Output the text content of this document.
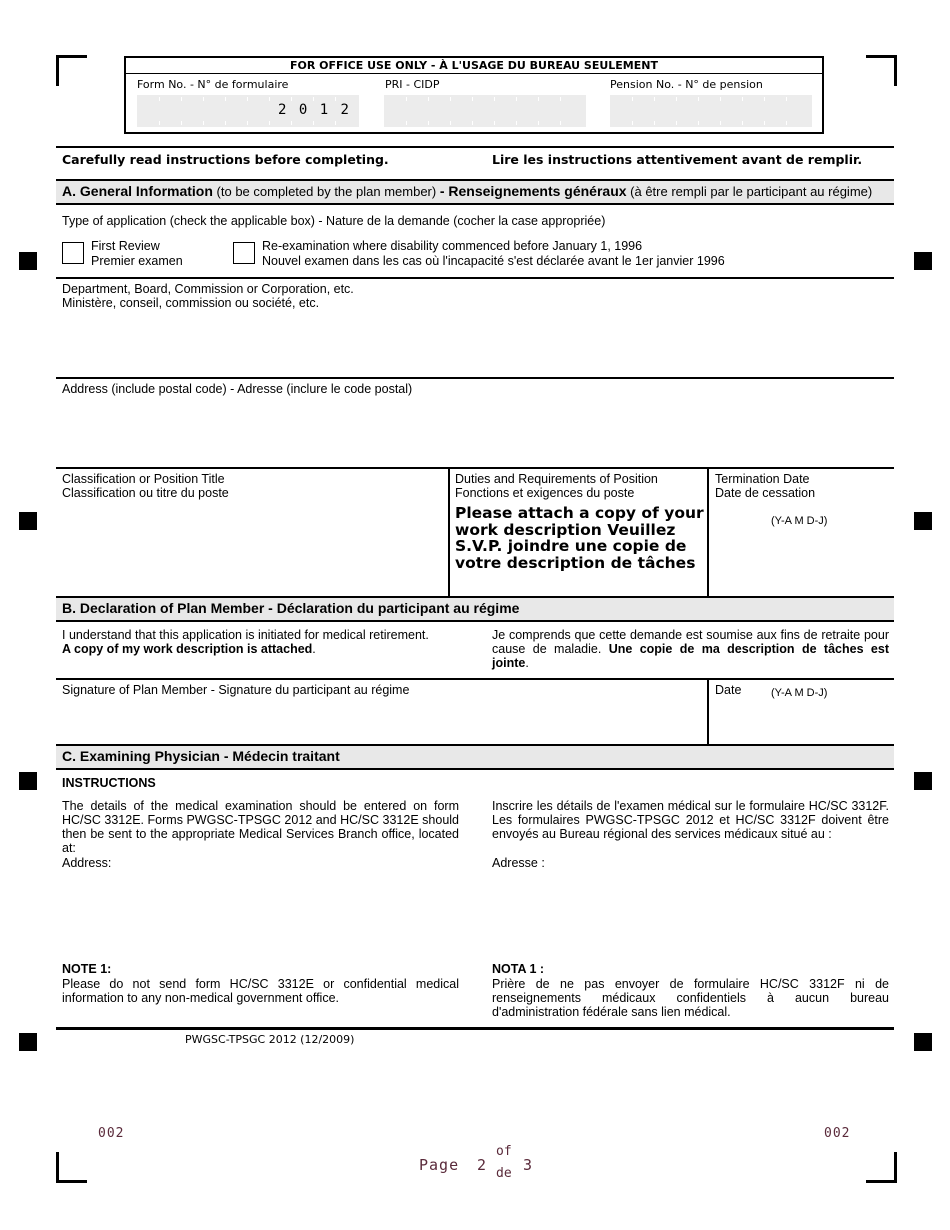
FOR OFFICE USE ONLY - À L'USAGE DU BUREAU SEULEMENT
Form No. - N° de formulaire	PRI - CIDP	Pension No. - N° de pension
2 0 1 2
Carefully read instructions before completing.	Lire les instructions attentivement avant de remplir.
A. General Information (to be completed by the plan member) - Renseignements généraux (à être rempli par le participant au régime)
Type of application (check the applicable box) - Nature de la demande (cocher la case appropriée)
First Review
Premier examen
Re-examination where disability commenced before January 1, 1996
Nouvel examen dans les cas où l'incapacité s'est déclarée avant le 1er janvier 1996
Department, Board, Commission or Corporation, etc.
Ministère, conseil, commission ou société, etc.
Address (include postal code) - Adresse (inclure le code postal)
Classification or Position Title
Classification ou titre du poste
Duties and Requirements of Position
Fonctions et exigences du poste
Please attach a copy of your work description Veuillez S.V.P. joindre une copie de votre description de tâches
Termination Date
Date de cessation
(Y-A M D-J)
B. Declaration of Plan Member - Déclaration du participant au régime
I understand that this application is initiated for medical retirement.
A copy of my work description is attached.
Je comprends que cette demande est soumise aux fins de retraite pour cause de maladie. Une copie de ma description de tâches est jointe.
Signature of Plan Member - Signature du participant au régime	Date	(Y-A M D-J)
C. Examining Physician - Médecin traitant
INSTRUCTIONS
The details of the medical examination should be entered on form HC/SC 3312E. Forms PWGSC-TPSGC 2012 and HC/SC 3312E should then be sent to the appropriate Medical Services Branch office, located at:
Address:
Inscrire les détails de l'examen médical sur le formulaire HC/SC 3312F. Les formulaires PWGSC-TPSGC 2012 et HC/SC 3312F doivent être envoyés au Bureau régional des services médicaux situé au :
Adresse :
NOTE 1:
Please do not send form HC/SC 3312E or confidential medical information to any non-medical government office.
NOTA 1 :
Prière de ne pas envoyer de formulaire HC/SC 3312F ni de renseignements médicaux confidentiels à aucun bureau d'administration fédérale sans lien médical.
PWGSC-TPSGC 2012 (12/2009)
002	002
Page 2
of
de 3
